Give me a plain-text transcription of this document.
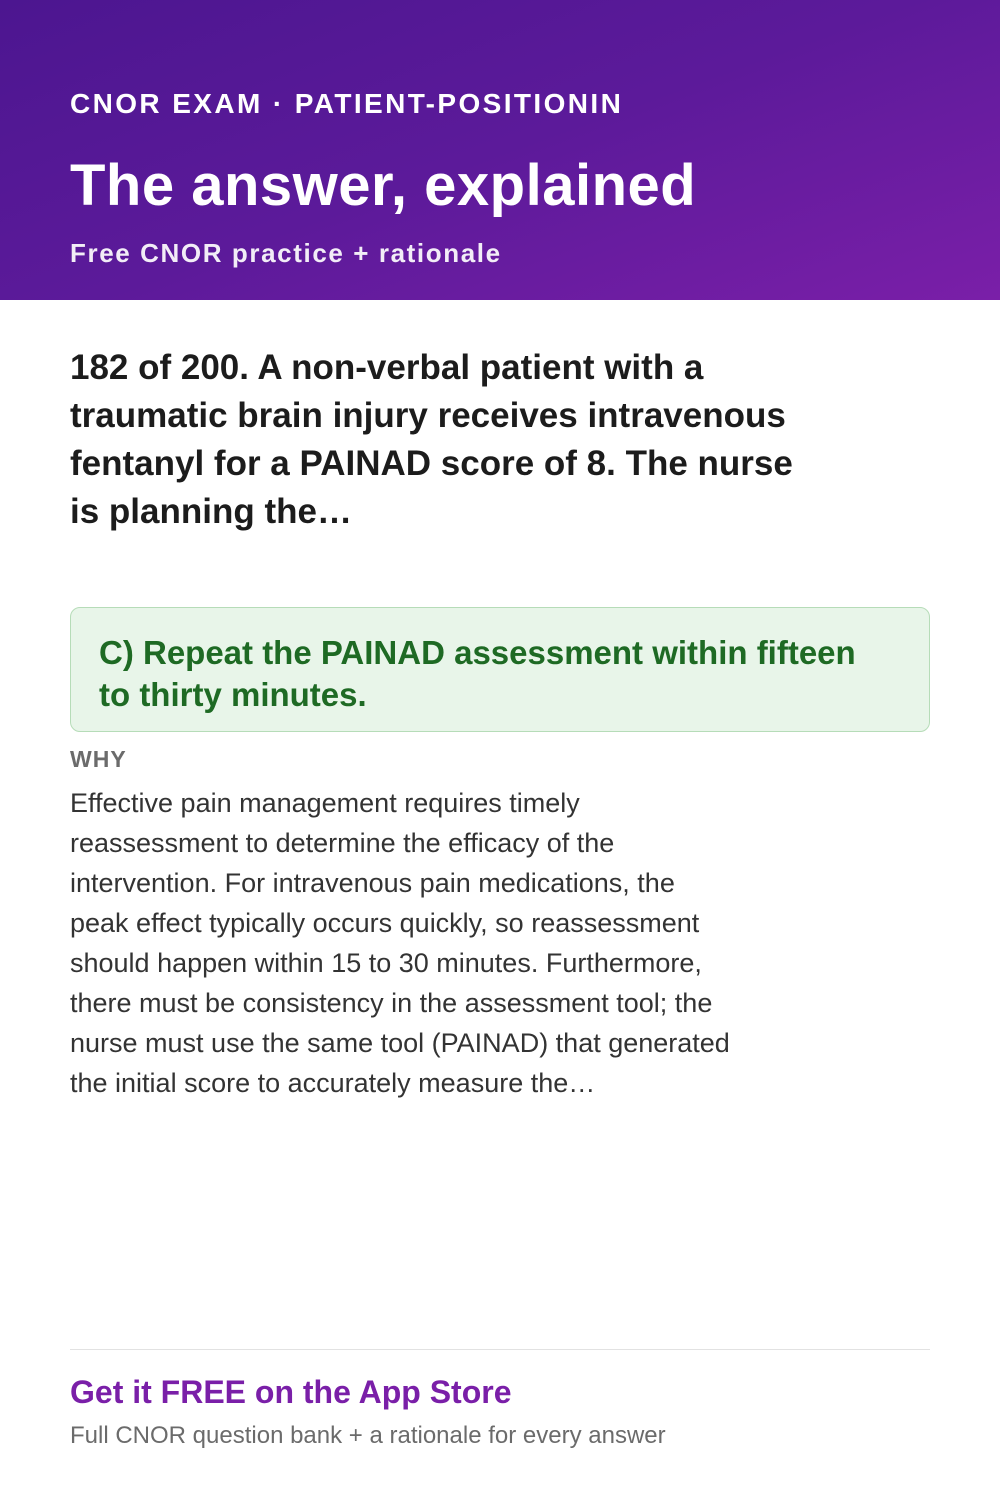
CNOR EXAM · PATIENT-POSITIONIN
The answer, explained
Free CNOR practice + rationale
182 of 200. A non-verbal patient with a traumatic brain injury receives intravenous fentanyl for a PAINAD score of 8. The nurse is planning the…
C) Repeat the PAINAD assessment within fifteen to thirty minutes.
WHY
Effective pain management requires timely reassessment to determine the efficacy of the intervention. For intravenous pain medications, the peak effect typically occurs quickly, so reassessment should happen within 15 to 30 minutes. Furthermore, there must be consistency in the assessment tool; the nurse must use the same tool (PAINAD) that generated the initial score to accurately measure the…
Get it FREE on the App Store
Full CNOR question bank + a rationale for every answer
